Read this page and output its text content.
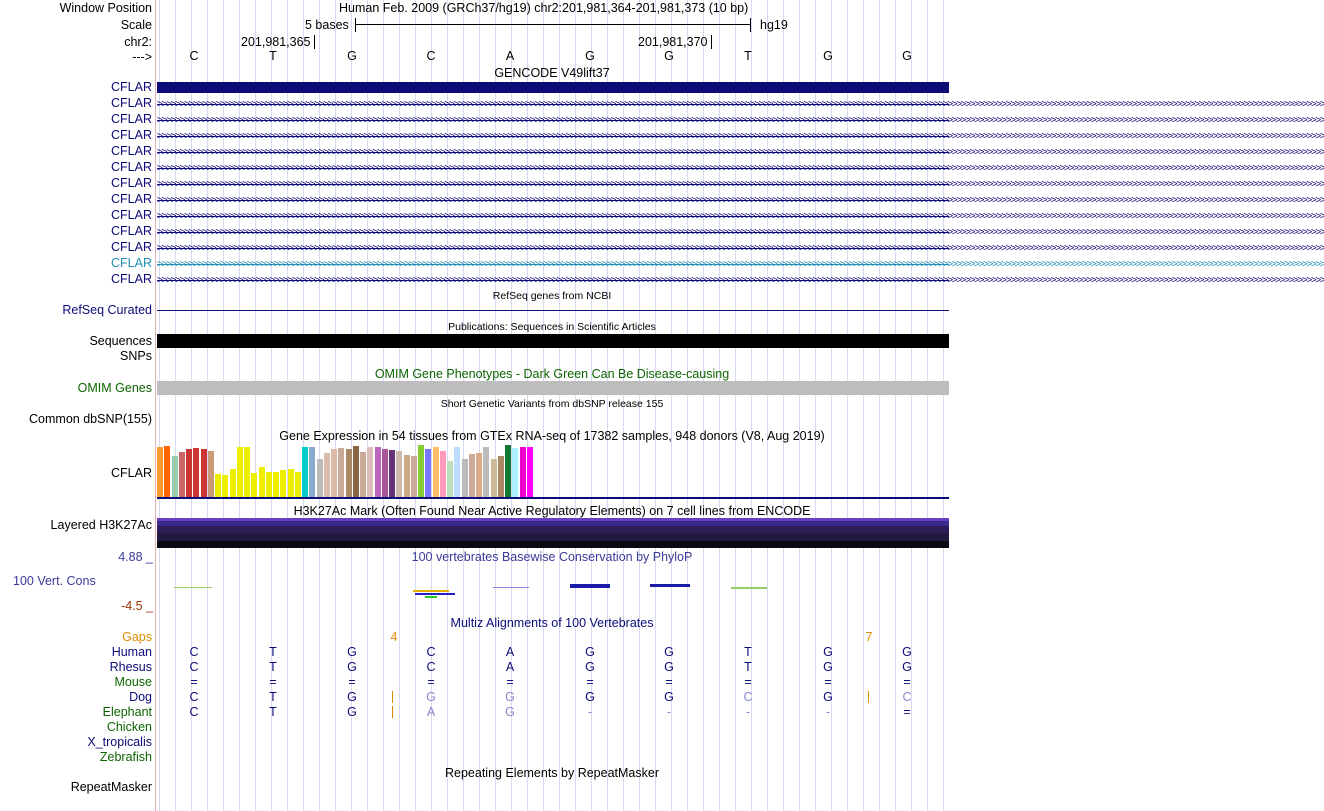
Window Position
Scale
chr2:
--->
Human Feb. 2009 (GRCh37/hg19) chr2:201,981,364-201,981,373 (10 bp)
5 bases	hg19
201,981,365	201,981,370
C	T	G	C	A	G	G	T	G	G
GENCODE V49lift37
CFLAR
CFLAR >>>>>>>>>>>>>>>>>>>>>>>>>>>>>>>>>>>>>>>>>>>>>>>>>>>>>>>>>>>>>>>>>>>>>>>>>>>>>>>>>>>>>>>>>>>>>>>>>>>>>>>>>>>>>>>>>>>>>>>>>>>>>>>>>>>>>>>>>>>>>>>>>>>>>>>>>>>>>>>>>>>>>>>>>>>>>>>>>>>>>>>>>>>>>>>>>>>>>>>>>>>>>>>>>>>>>>>>>>>>>>>>>>>>>>>>>>>>>>>>>>>>>>>>>>>>>>>>>>>>
CFLAR >>>>>>>>>>>>>>>>>>>>>>>>>>>>>>>>>>>>>>>>>>>>>>>>>>>>>>>>>>>>>>>>>>>>>>>>>>>>>>>>>>>>>>>>>>>>>>>>>>>>>>>>>>>>>>>>>>>>>>>>>>>>>>>>>>>>>>>>>>>>>>>>>>>>>>>>>>>>>>>>>>>>>>>>>>>>>>>>>>>>>>>>>>>>>>>>>>>>>>>>>>>>>>>>>>>>>>>>>>>>>>>>>>>>>>>>>>>>>>>>>>>>>>>>>>>>>>>>>>>>
CFLAR >>>>>>>>>>>>>>>>>>>>>>>>>>>>>>>>>>>>>>>>>>>>>>>>>>>>>>>>>>>>>>>>>>>>>>>>>>>>>>>>>>>>>>>>>>>>>>>>>>>>>>>>>>>>>>>>>>>>>>>>>>>>>>>>>>>>>>>>>>>>>>>>>>>>>>>>>>>>>>>>>>>>>>>>>>>>>>>>>>>>>>>>>>>>>>>>>>>>>>>>>>>>>>>>>>>>>>>>>>>>>>>>>>>>>>>>>>>>>>>>>>>>>>>>>>>>>>>>>>>>
CFLAR >>>>>>>>>>>>>>>>>>>>>>>>>>>>>>>>>>>>>>>>>>>>>>>>>>>>>>>>>>>>>>>>>>>>>>>>>>>>>>>>>>>>>>>>>>>>>>>>>>>>>>>>>>>>>>>>>>>>>>>>>>>>>>>>>>>>>>>>>>>>>>>>>>>>>>>>>>>>>>>>>>>>>>>>>>>>>>>>>>>>>>>>>>>>>>>>>>>>>>>>>>>>>>>>>>>>>>>>>>>>>>>>>>>>>>>>>>>>>>>>>>>>>>>>>>>>>>>>>>>>
CFLAR >>>>>>>>>>>>>>>>>>>>>>>>>>>>>>>>>>>>>>>>>>>>>>>>>>>>>>>>>>>>>>>>>>>>>>>>>>>>>>>>>>>>>>>>>>>>>>>>>>>>>>>>>>>>>>>>>>>>>>>>>>>>>>>>>>>>>>>>>>>>>>>>>>>>>>>>>>>>>>>>>>>>>>>>>>>>>>>>>>>>>>>>>>>>>>>>>>>>>>>>>>>>>>>>>>>>>>>>>>>>>>>>>>>>>>>>>>>>>>>>>>>>>>>>>>>>>>>>>>>>
CFLAR >>>>>>>>>>>>>>>>>>>>>>>>>>>>>>>>>>>>>>>>>>>>>>>>>>>>>>>>>>>>>>>>>>>>>>>>>>>>>>>>>>>>>>>>>>>>>>>>>>>>>>>>>>>>>>>>>>>>>>>>>>>>>>>>>>>>>>>>>>>>>>>>>>>>>>>>>>>>>>>>>>>>>>>>>>>>>>>>>>>>>>>>>>>>>>>>>>>>>>>>>>>>>>>>>>>>>>>>>>>>>>>>>>>>>>>>>>>>>>>>>>>>>>>>>>>>>>>>>>>>
CFLAR >>>>>>>>>>>>>>>>>>>>>>>>>>>>>>>>>>>>>>>>>>>>>>>>>>>>>>>>>>>>>>>>>>>>>>>>>>>>>>>>>>>>>>>>>>>>>>>>>>>>>>>>>>>>>>>>>>>>>>>>>>>>>>>>>>>>>>>>>>>>>>>>>>>>>>>>>>>>>>>>>>>>>>>>>>>>>>>>>>>>>>>>>>>>>>>>>>>>>>>>>>>>>>>>>>>>>>>>>>>>>>>>>>>>>>>>>>>>>>>>>>>>>>>>>>>>>>>>>>>>
CFLAR >>>>>>>>>>>>>>>>>>>>>>>>>>>>>>>>>>>>>>>>>>>>>>>>>>>>>>>>>>>>>>>>>>>>>>>>>>>>>>>>>>>>>>>>>>>>>>>>>>>>>>>>>>>>>>>>>>>>>>>>>>>>>>>>>>>>>>>>>>>>>>>>>>>>>>>>>>>>>>>>>>>>>>>>>>>>>>>>>>>>>>>>>>>>>>>>>>>>>>>>>>>>>>>>>>>>>>>>>>>>>>>>>>>>>>>>>>>>>>>>>>>>>>>>>>>>>>>>>>>>
CFLAR >>>>>>>>>>>>>>>>>>>>>>>>>>>>>>>>>>>>>>>>>>>>>>>>>>>>>>>>>>>>>>>>>>>>>>>>>>>>>>>>>>>>>>>>>>>>>>>>>>>>>>>>>>>>>>>>>>>>>>>>>>>>>>>>>>>>>>>>>>>>>>>>>>>>>>>>>>>>>>>>>>>>>>>>>>>>>>>>>>>>>>>>>>>>>>>>>>>>>>>>>>>>>>>>>>>>>>>>>>>>>>>>>>>>>>>>>>>>>>>>>>>>>>>>>>>>>>>>>>>>
CFLAR >>>>>>>>>>>>>>>>>>>>>>>>>>>>>>>>>>>>>>>>>>>>>>>>>>>>>>>>>>>>>>>>>>>>>>>>>>>>>>>>>>>>>>>>>>>>>>>>>>>>>>>>>>>>>>>>>>>>>>>>>>>>>>>>>>>>>>>>>>>>>>>>>>>>>>>>>>>>>>>>>>>>>>>>>>>>>>>>>>>>>>>>>>>>>>>>>>>>>>>>>>>>>>>>>>>>>>>>>>>>>>>>>>>>>>>>>>>>>>>>>>>>>>>>>>>>>>>>>>>>
CFLAR >>>>>>>>>>>>>>>>>>>>>>>>>>>>>>>>>>>>>>>>>>>>>>>>>>>>>>>>>>>>>>>>>>>>>>>>>>>>>>>>>>>>>>>>>>>>>>>>>>>>>>>>>>>>>>>>>>>>>>>>>>>>>>>>>>>>>>>>>>>>>>>>>>>>>>>>>>>>>>>>>>>>>>>>>>>>>>>>>>>>>>>>>>>>>>>>>>>>>>>>>>>>>>>>>>>>>>>>>>>>>>>>>>>>>>>>>>>>>>>>>>>>>>>>>>>>>>>>>>>>
CFLAR >>>>>>>>>>>>>>>>>>>>>>>>>>>>>>>>>>>>>>>>>>>>>>>>>>>>>>>>>>>>>>>>>>>>>>>>>>>>>>>>>>>>>>>>>>>>>>>>>>>>>>>>>>>>>>>>>>>>>>>>>>>>>>>>>>>>>>>>>>>>>>>>>>>>>>>>>>>>>>>>>>>>>>>>>>>>>>>>>>>>>>>>>>>>>>>>>>>>>>>>>>>>>>>>>>>>>>>>>>>>>>>>>>>>>>>>>>>>>>>>>>>>>>>>>>>>>>>>>>>>
RefSeq genes from NCBI
RefSeq Curated
Publications: Sequences in Scientific Articles
Sequences
SNPs
OMIM Gene Phenotypes - Dark Green Can Be Disease-causing
OMIM Genes
Short Genetic Variants from dbSNP release 155
Common dbSNP(155)
Gene Expression in 54 tissues from GTEx RNA-seq of 17382 samples, 948 donors (V8, Aug 2019)
CFLAR
H3K27Ac Mark (Often Found Near Active Regulatory Elements) on 7 cell lines from ENCODE
Layered H3K27Ac
100 vertebrates Basewise Conservation by PhyloP
4.88 _
100 Vert. Cons
-4.5 _
Multiz Alignments of 100 Vertebrates
Gaps	4	7
Human	C	T	G	C	A	G	G	T	G	G
Rhesus	C	T	G	C	A	G	G	T	G	G
Mouse	=	=	=	=	=	=	=	=	=	=
Dog	C	T	G	G	G	G	G	C	G	C
Elephant	C	T	G	A	G	-	-	-	-	=
Chicken
X_tropicalis
Zebrafish
Repeating Elements by RepeatMasker
RepeatMasker
